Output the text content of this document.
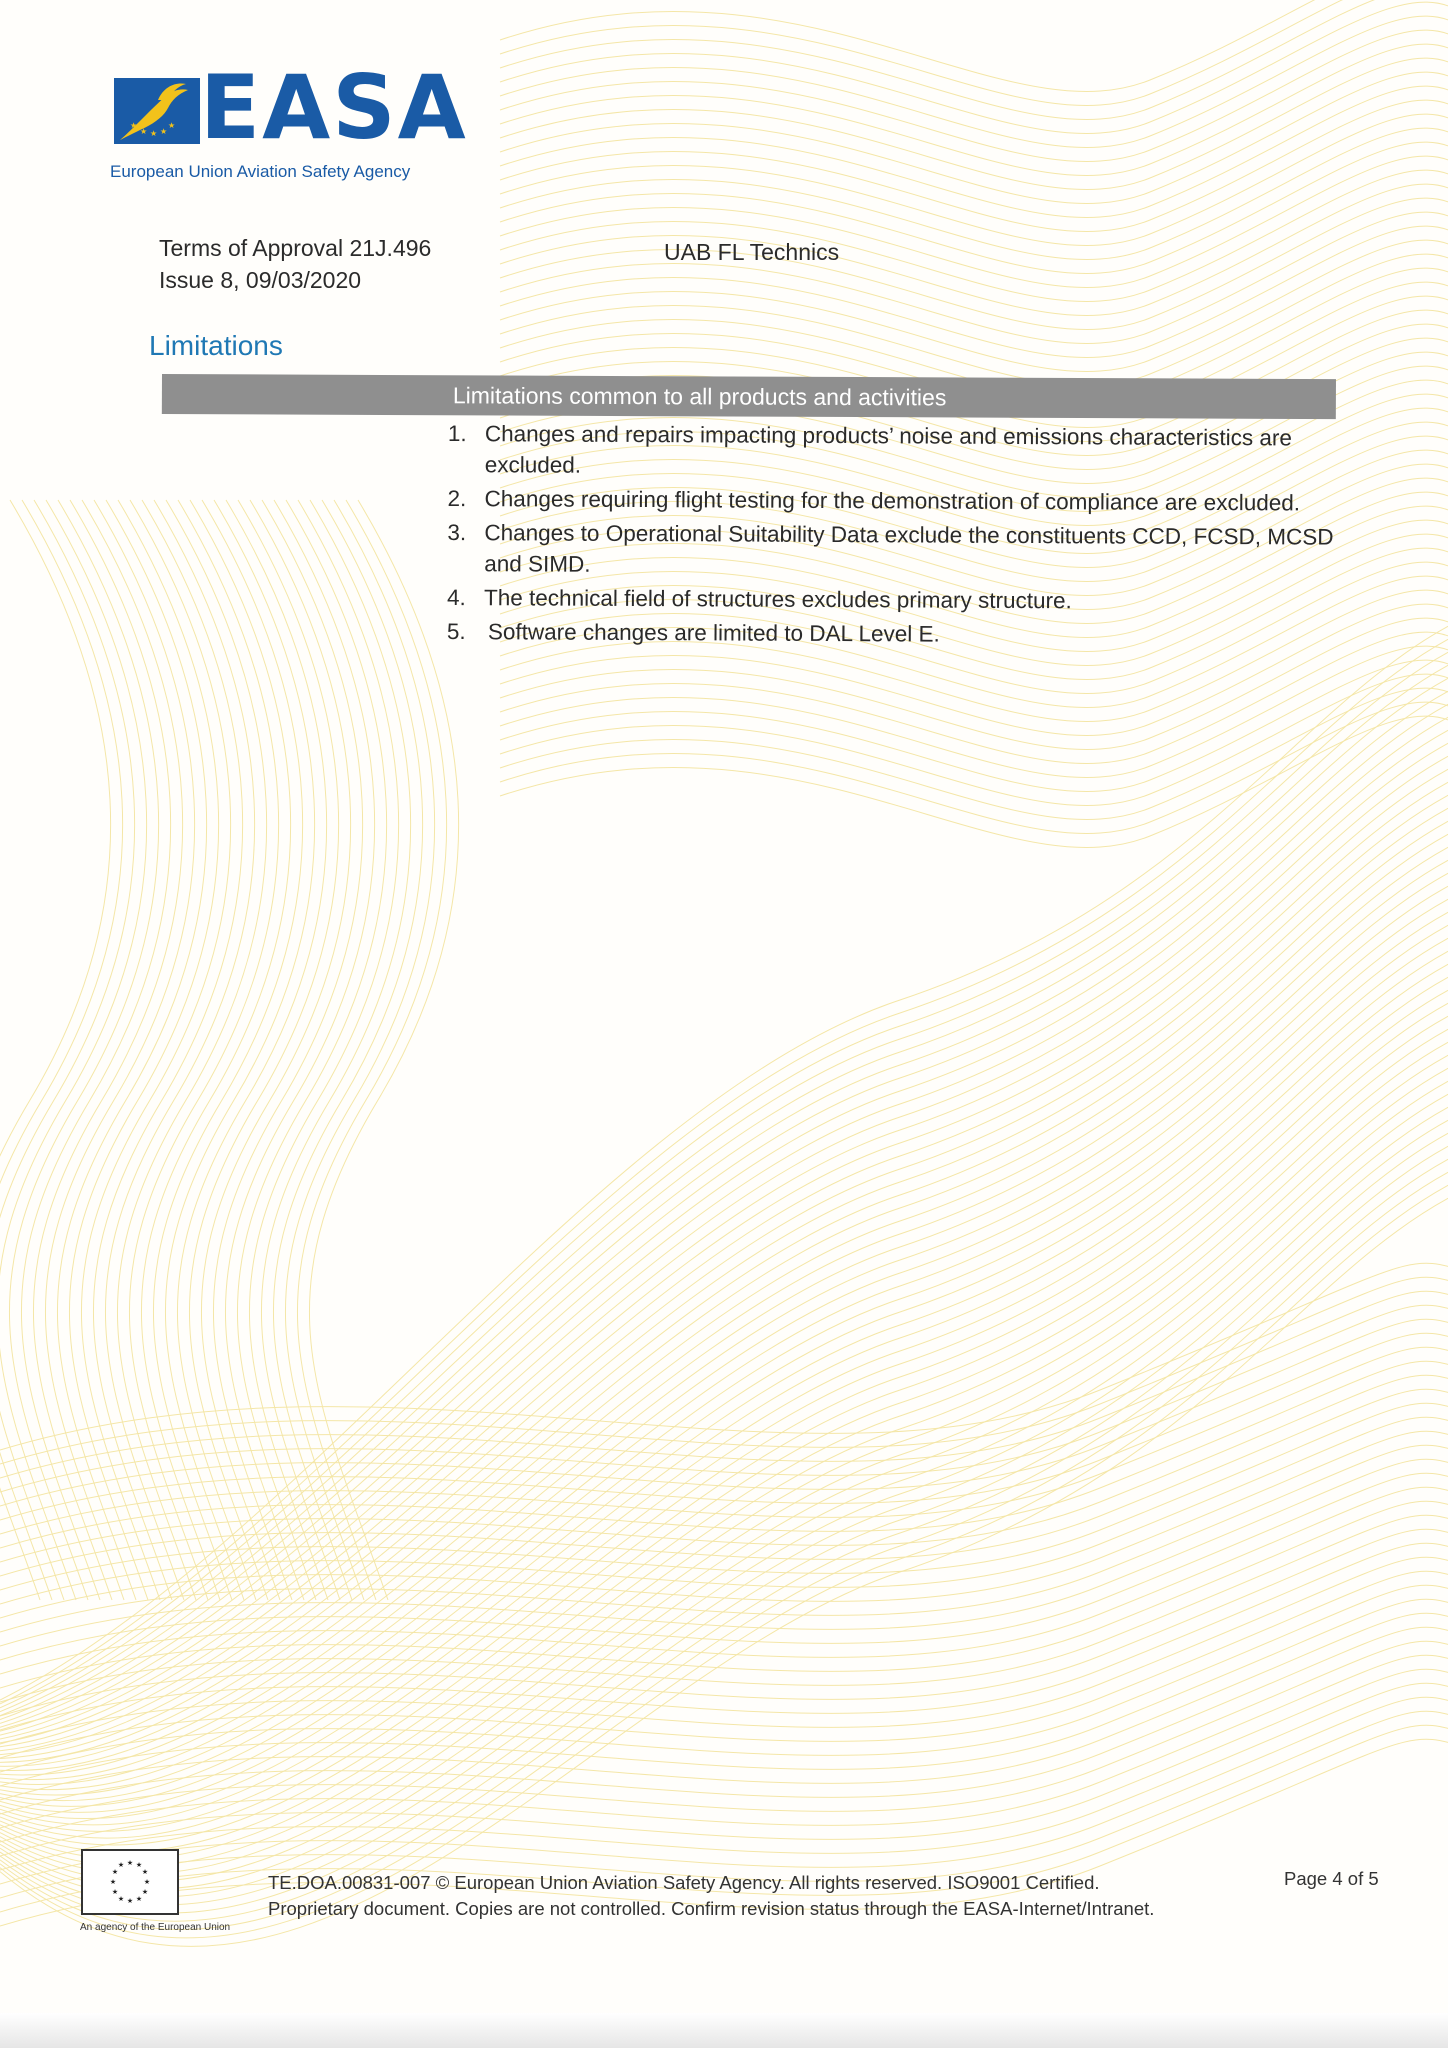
★
★ ★ ★
★ EASA
European Union Aviation Safety Agency
Terms of Approval 21J.496
Issue 8, 09/03/2020
UAB FL Technics
Limitations
Limitations common to all products and activities
1. Changes and repairs impacting products’ noise and emissions characteristics are excluded.
2. Changes requiring flight testing for the demonstration of compliance are excluded.
3. Changes to Operational Suitability Data exclude the constituents CCD, FCSD, MCSD and SIMD.
4. The technical field of structures excludes primary structure.
5. Software changes are limited to DAL Level E.
★ ★
★
★
★
★
★
★
★
★
★
★
An agency of the European Union
TE.DOA.00831-007 © European Union Aviation Safety Agency. All rights reserved. ISO9001 Certified.
Proprietary document. Copies are not controlled. Confirm revision status through the EASA-Internet/Intranet.
Page 4 of 5
